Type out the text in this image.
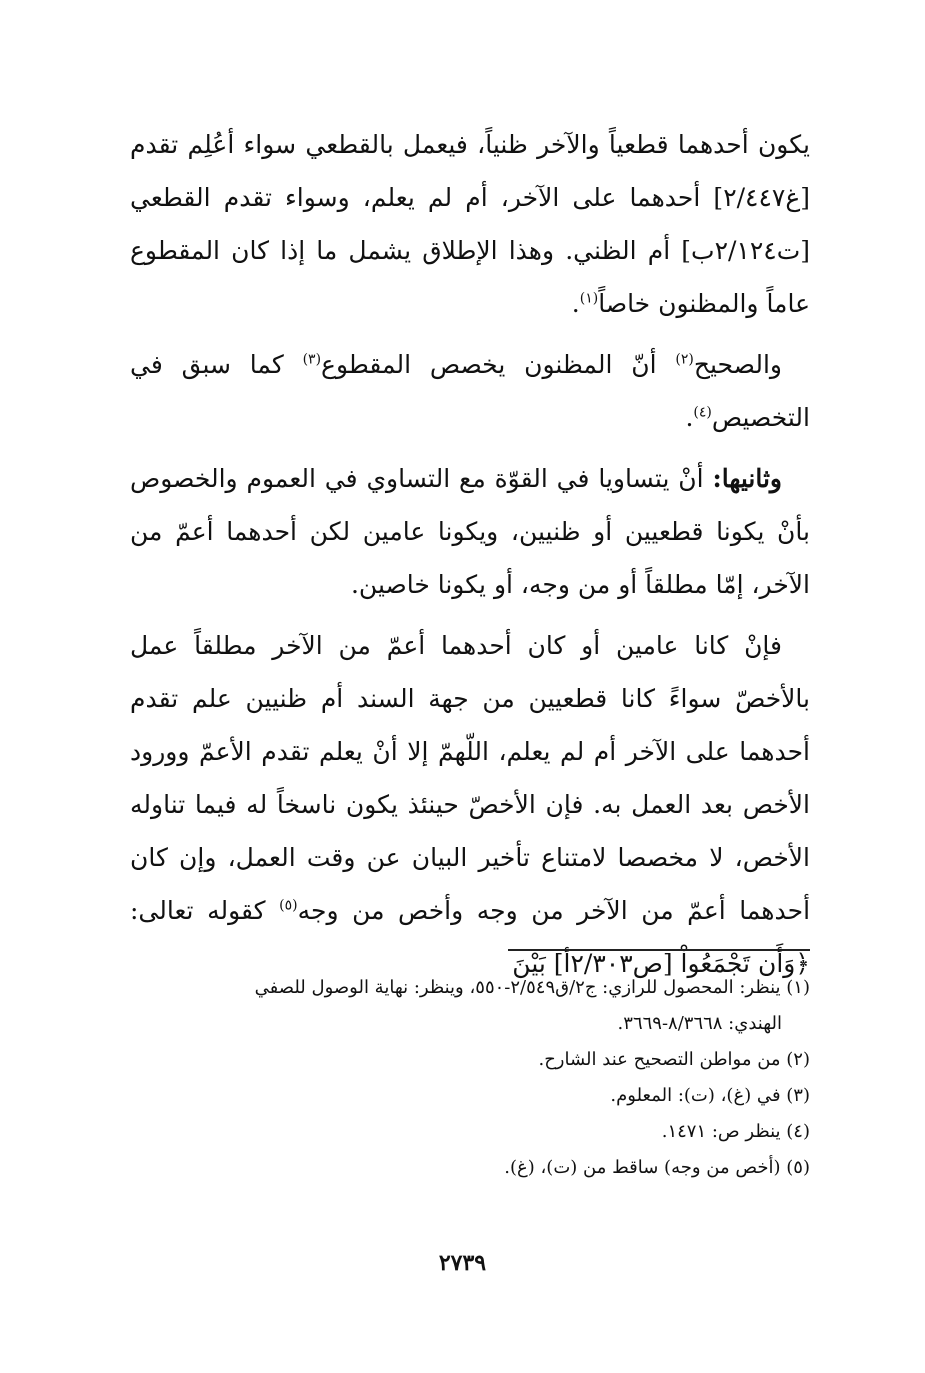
يكون أحدهما قطعياً والآخر ظنياً، فيعمل بالقطعي سواء أعُلِم تقدم [غ٢/٤٤٧] أحدهما على الآخر، أم لم يعلم، وسواء تقدم القطعي [ت٢/١٢٤ب] أم الظني. وهذا الإطلاق يشمل ما إذا كان المقطوع عاماً والمظنون خاصاً$^{(١)}$.

والصحيح$^{(٢)}$ أنّ المظنون يخصص المقطوع$^{(٣)}$ كما سبق في التخصيص$^{(٤)}$.

وثانيها: أنْ يتساويا في القوّة مع التساوي في العموم والخصوص بأنْ يكونا قطعيين أو ظنيين، ويكونا عامين لكن أحدهما أعمّ من الآخر، إمّا مطلقاً أو من وجه، أو يكونا خاصين.

فإنْ كانا عامين أو كان أحدهما أعمّ من الآخر مطلقاً عمل بالأخصّ سواءً كانا قطعيين من جهة السند أم ظنيين علم تقدم أحدهما على الآخر أم لم يعلم، اللّهمّ إلا أنْ يعلم تقدم الأعمّ وورود الأخص بعد العمل به. فإن الأخصّ حينئذ يكون ناسخاً له فيما تناوله الأخص، لا مخصصا لامتناع تأخير البيان عن وقت العمل، وإن كان أحدهما أعمّ من الآخر من وجه وأخص من وجه$^{(٥)}$ كقوله تعالى: ﴿وَأَن تَجْمَعُواْ [ص٢/٣٠٣أ] بَيْنَ

(١) ينظر: المحصول للرازي: ج٢/ق٢/٥٤٩-٥٥٠، وينظر: نهاية الوصول للصفي

الهندي: ٨/٣٦٦٨-٣٦٦٩.

(٢) من مواطن التصحيح عند الشارح.

(٣) في (غ)، (ت): المعلوم.

(٤) ينظر ص: ١٤٧١.

(٥) (أخص من وجه) ساقط من (ت)، (غ).

٢٧٣٩
